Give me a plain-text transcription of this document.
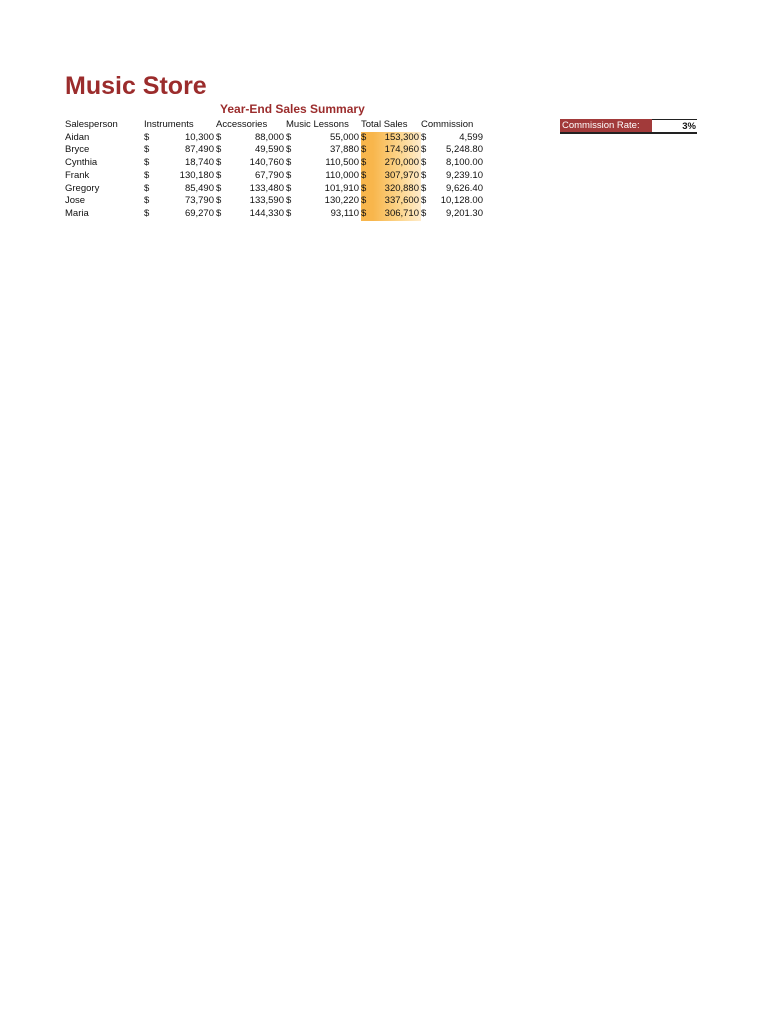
Music Store
Year-End Sales Summary
Salesperson	Instruments		Accessories		Music Lessons		Total Sales		Commission	
Aidan	$	10,300	$	88,000	$	55,000	$	153,300	$	4,599
Bryce	$	87,490	$	49,590	$	37,880	$	174,960	$	5,248.80
Cynthia	$	18,740	$	140,760	$	110,500	$	270,000	$	8,100.00
Frank	$	130,180	$	67,790	$	110,000	$	307,970	$	9,239.10
Gregory	$	85,490	$	133,480	$	101,910	$	320,880	$	9,626.40
Jose	$	73,790	$	133,590	$	130,220	$	337,600	$	10,128.00
Maria	$	69,270	$	144,330	$	93,110	$	306,710	$	9,201.30
Commission Rate:	3%
